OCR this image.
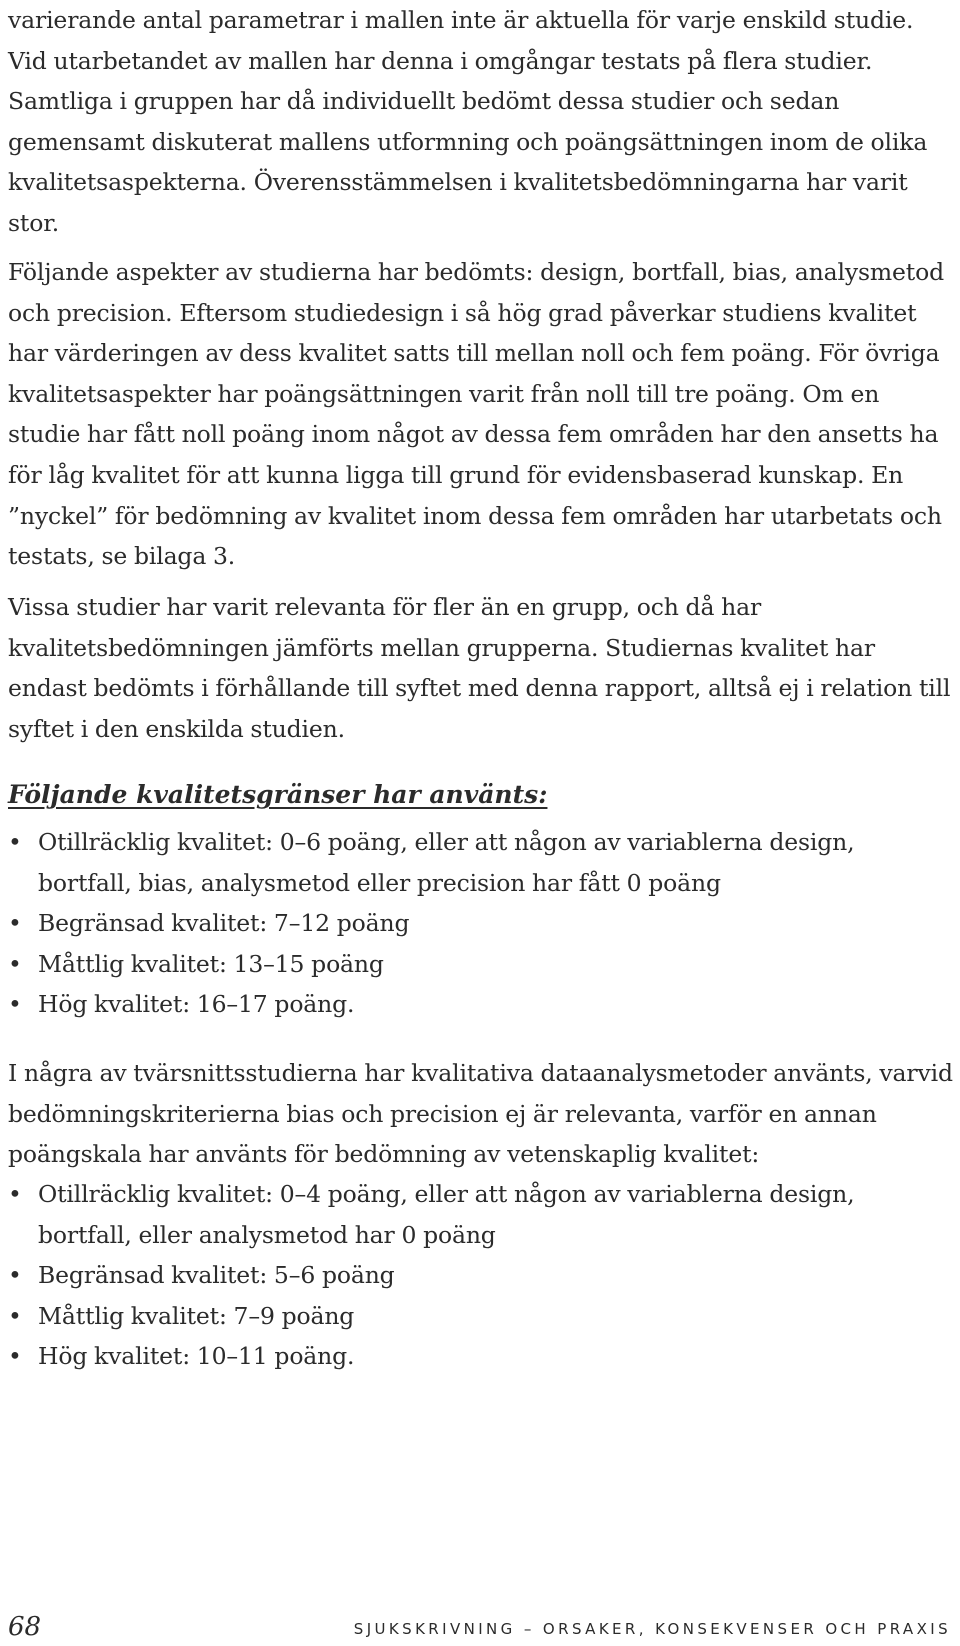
varierande antal parametrar i mallen inte är aktuella för varje enskild studie. Vid utarbetandet av mallen har denna i omgångar testats på flera studier. Samtliga i gruppen har då individuellt bedömt dessa studier och sedan gemensamt diskuterat mallens utformning och poängsättningen inom de olika kvalitetsaspekterna. Överensstämmelsen i kvalitetsbedömningarna har varit stor.

Följande aspekter av studierna har bedömts: design, bortfall, bias, analysmetod och precision. Eftersom studiedesign i så hög grad påverkar studiens kvalitet har värderingen av dess kvalitet satts till mellan noll och fem poäng. För övriga kvalitetsaspekter har poängsättningen varit från noll till tre poäng. Om en studie har fått noll poäng inom något av dessa fem områden har den ansetts ha för låg kvalitet för att kunna ligga till grund för evidensbaserad kunskap. En ”nyckel” för bedömning av kvalitet inom dessa fem områden har utarbetats och testats, se bilaga 3.

Vissa studier har varit relevanta för fler än en grupp, och då har kvalitetsbedömningen jämförts mellan grupperna. Studiernas kvalitet har endast bedömts i förhållande till syftet med denna rapport, alltså ej i relation till syftet i den enskilda studien.

Följande kvalitetsgränser har använts:
• Otillräcklig kvalitet: 0–6 poäng, eller att någon av variablerna design, bortfall, bias, analysmetod eller precision har fått 0 poäng
• Begränsad kvalitet: 7–12 poäng
• Måttlig kvalitet: 13–15 poäng
• Hög kvalitet: 16–17 poäng.

I några av tvärsnittsstudierna har kvalitativa dataanalysmetoder använts, varvid bedömningskriterierna bias och precision ej är relevanta, varför en annan poängskala har använts för bedömning av vetenskaplig kvalitet:

• Otillräcklig kvalitet: 0–4 poäng, eller att någon av variablerna design, bortfall, eller analysmetod har 0 poäng
• Begränsad kvalitet: 5–6 poäng
• Måttlig kvalitet: 7–9 poäng
• Hög kvalitet: 10–11 poäng.
68	SJUKSKRIVNING – ORSAKER, KONSEKVENSER OCH PRAXIS
